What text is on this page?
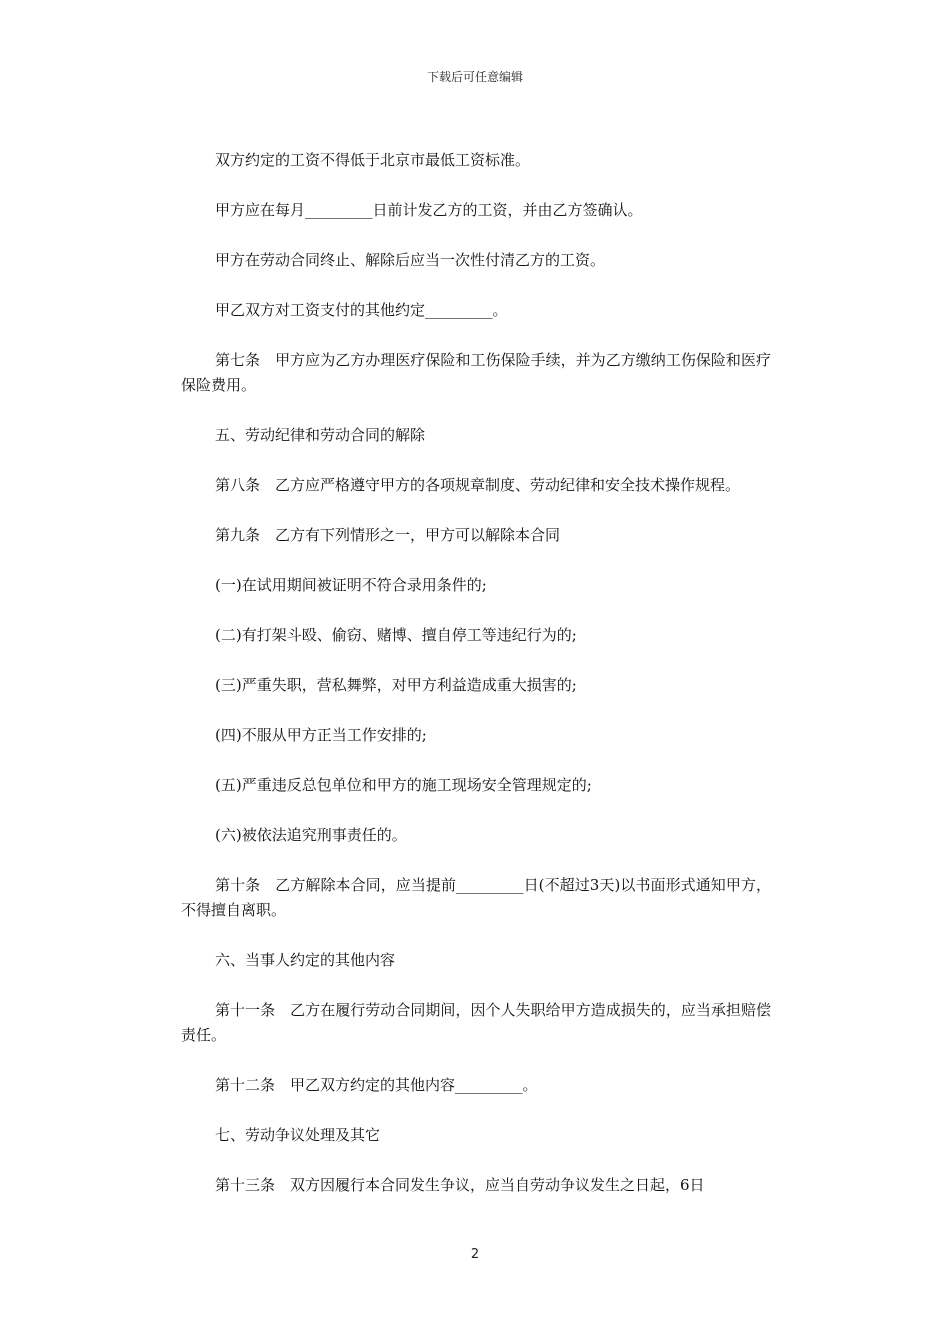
下载后可任意编辑

双方约定的工资不得低于北京市最低工资标准。

甲方应在每月_________日前计发乙方的工资，并由乙方签确认。

甲方在劳动合同终止、解除后应当一次性付清乙方的工资。

甲乙双方对工资支付的其他约定_________。

第七条　甲方应为乙方办理医疗保险和工伤保险手续，并为乙方缴纳工伤保险和医疗保险费用。

五、劳动纪律和劳动合同的解除

第八条　乙方应严格遵守甲方的各项规章制度、劳动纪律和安全技术操作规程。

第九条　乙方有下列情形之一，甲方可以解除本合同

(一)在试用期间被证明不符合录用条件的;

(二)有打架斗殴、偷窃、赌博、擅自停工等违纪行为的;

(三)严重失职，营私舞弊，对甲方利益造成重大损害的;

(四)不服从甲方正当工作安排的;

(五)严重违反总包单位和甲方的施工现场安全管理规定的;

(六)被依法追究刑事责任的。

第十条　乙方解除本合同，应当提前_________日(不超过3天)以书面形式通知甲方，不得擅自离职。

六、当事人约定的其他内容

第十一条　乙方在履行劳动合同期间，因个人失职给甲方造成损失的，应当承担赔偿责任。

第十二条　甲乙双方约定的其他内容_________。

七、劳动争议处理及其它

第十三条　双方因履行本合同发生争议，应当自劳动争议发生之日起，6日

2
